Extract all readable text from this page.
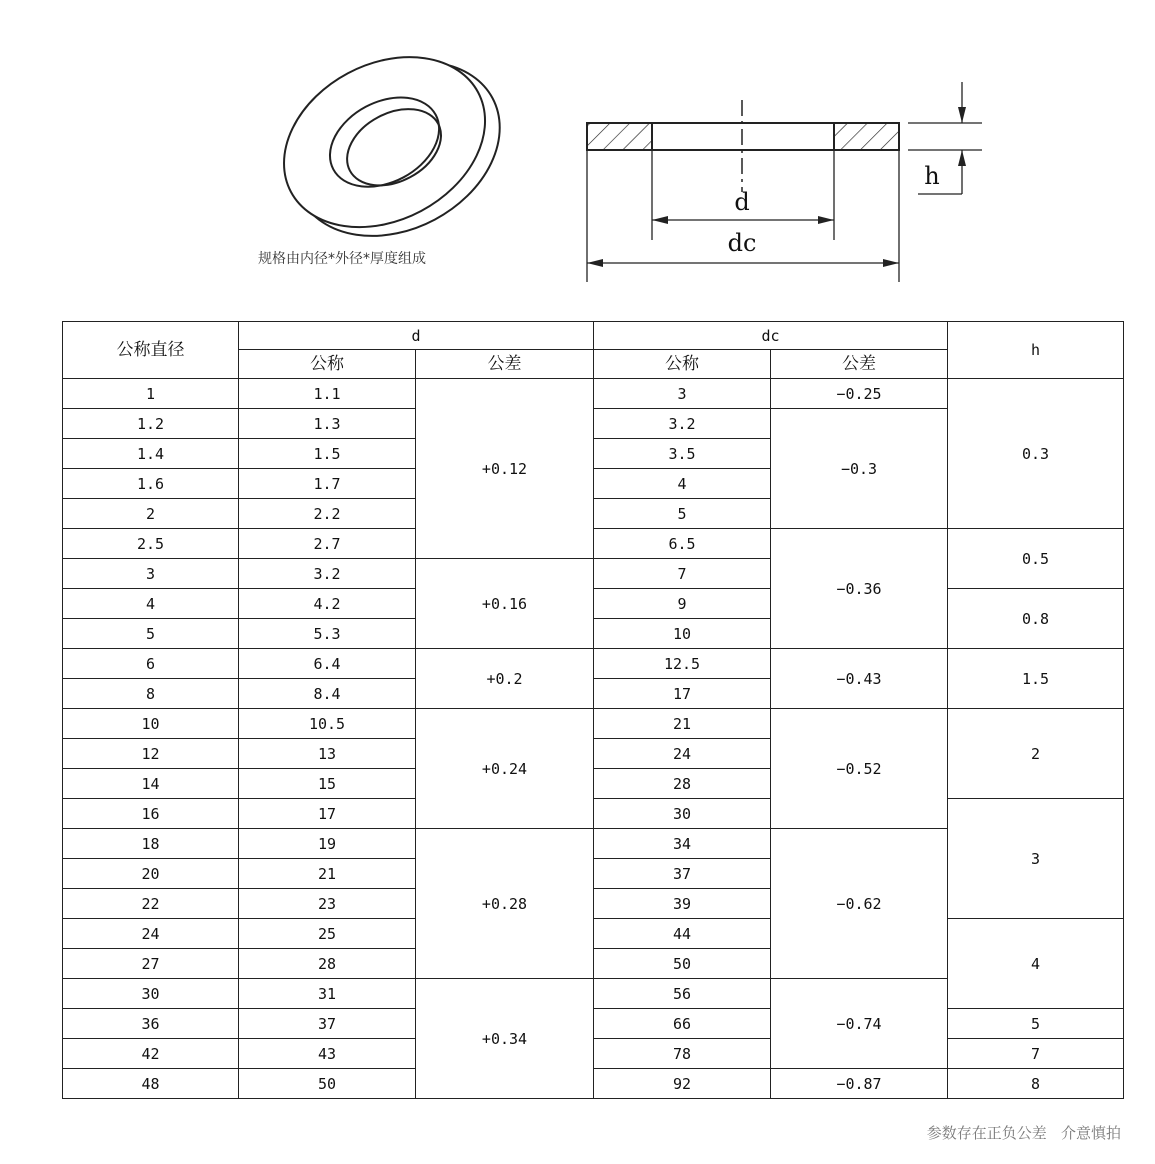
d
dc
h
规格由内径*外径*厚度组成
公称直径	d		dc		h
	公称	公差	公称	公差	
1	1.1	+0.12	3	−0.25	0.3
1.2	1.3		3.2	−0.3	
1.4	1.5		3.5		
1.6	1.7		4		
2	2.2		5		
2.5	2.7		6.5	−0.36	0.5
3	3.2	+0.16	7		
4	4.2		9		0.8
5	5.3		10		
6	6.4	+0.2	12.5	−0.43	1.5
8	8.4		17		
10	10.5	+0.24	21	−0.52	2
12	13		24		
14	15		28		
16	17		30		3
18	19	+0.28	34	−0.62	
20	21		37		
22	23		39		
24	25		44		4
27	28		50		
30	31	+0.34	56	−0.74	
36	37		66		5
42	43		78		7
48	50		92	−0.87	8
参数存在正负公差   介意慎拍
